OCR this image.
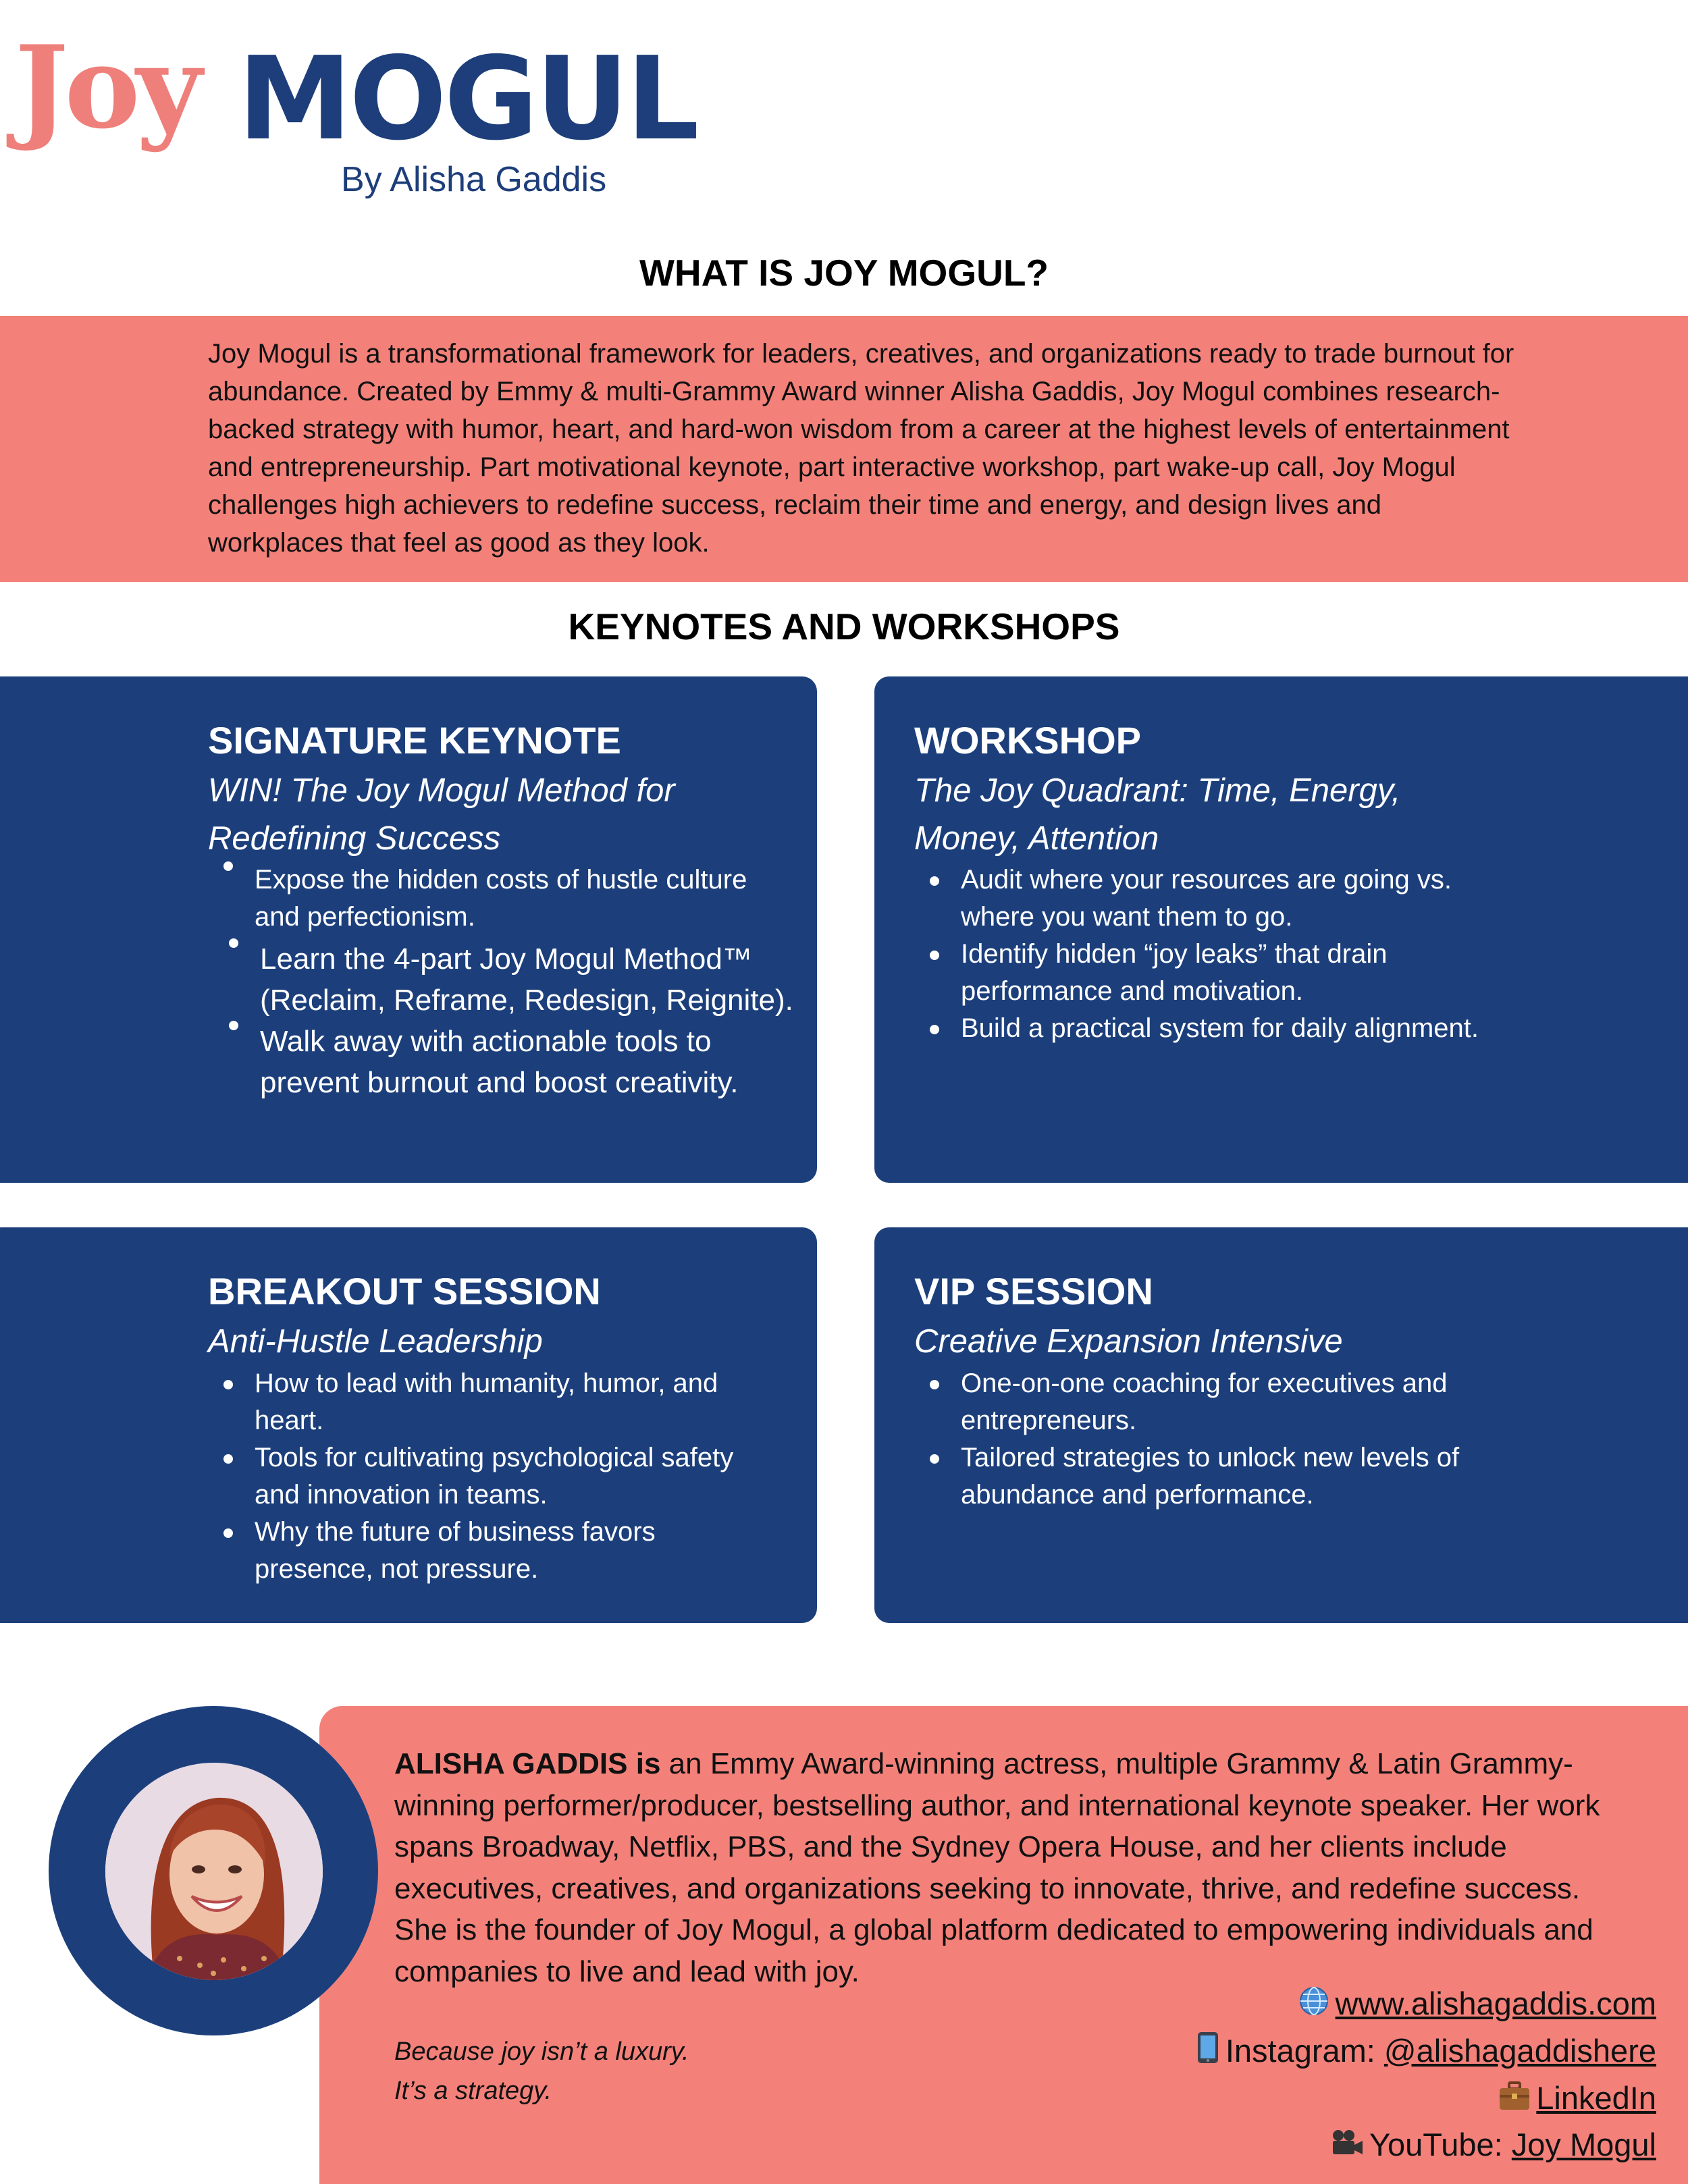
Joy MOGUL
By Alisha Gaddis
WHAT IS JOY MOGUL?
Joy Mogul is a transformational framework for leaders, creatives, and organizations ready to trade burnout for abundance. Created by Emmy & multi-Grammy Award winner Alisha Gaddis, Joy Mogul combines research-backed strategy with humor, heart, and hard-won wisdom from a career at the highest levels of entertainment and entrepreneurship. Part motivational keynote, part interactive workshop, part wake-up call, Joy Mogul challenges high achievers to redefine success, reclaim their time and energy, and design lives and workplaces that feel as good as they look.
KEYNOTES AND WORKSHOPS
SIGNATURE KEYNOTE
WIN! The Joy Mogul Method for Redefining Success
Expose the hidden costs of hustle culture and perfectionism.
Learn the 4-part Joy Mogul Method™ (Reclaim, Reframe, Redesign, Reignite).
Walk away with actionable tools to prevent burnout and boost creativity.
WORKSHOP
The Joy Quadrant: Time, Energy, Money, Attention
Audit where your resources are going vs. where you want them to go.
Identify hidden “joy leaks” that drain performance and motivation.
Build a practical system for daily alignment.
BREAKOUT SESSION
Anti-Hustle Leadership
How to lead with humanity, humor, and heart.
Tools for cultivating psychological safety and innovation in teams.
Why the future of business favors presence, not pressure.
VIP SESSION
Creative Expansion Intensive
One-on-one coaching for executives and entrepreneurs.
Tailored strategies to unlock new levels of abundance and performance.
ALISHA GADDIS is an Emmy Award-winning actress, multiple Grammy & Latin Grammy-winning performer/producer, bestselling author, and international keynote speaker. Her work spans Broadway, Netflix, PBS, and the Sydney Opera House, and her clients include executives, creatives, and organizations seeking to innovate, thrive, and redefine success. She is the founder of Joy Mogul, a global platform dedicated to empowering individuals and companies to live and lead with joy.
Because joy isn’t a luxury.
It’s a strategy.
www.alishagaddis.com
Instagram: @alishagaddishere
LinkedIn
YouTube: Joy Mogul
